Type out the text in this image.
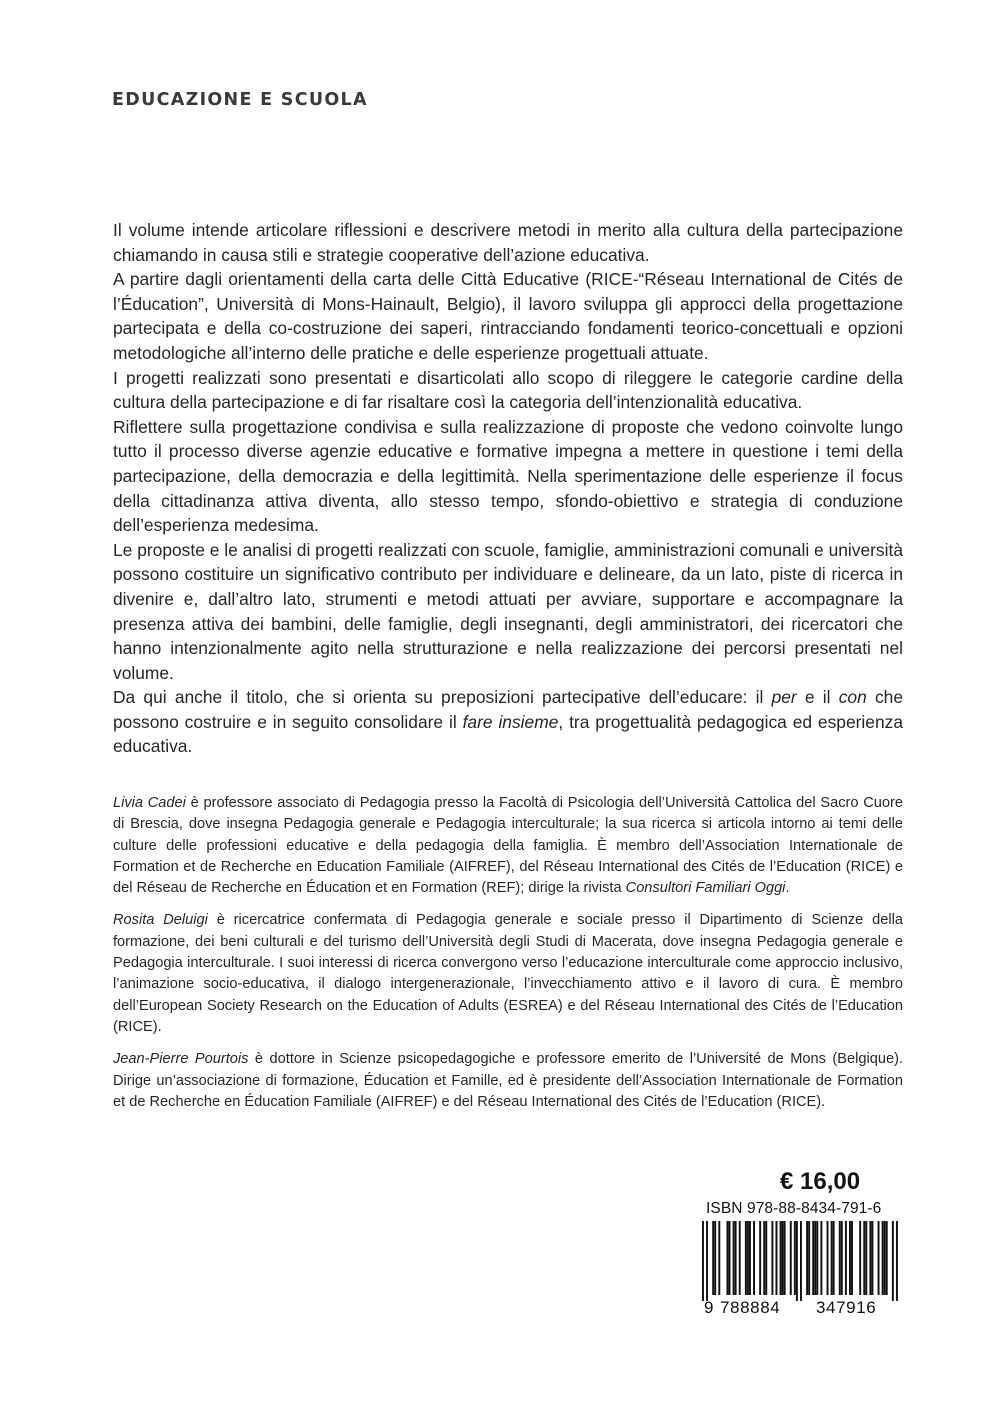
EDUCAZIONE E SCUOLA

Il volume intende articolare riflessioni e descrivere metodi in merito alla cultura della partecipazione chiamando in causa stili e strategie cooperative dell’azione educativa.

A partire dagli orientamenti della carta delle Città Educative (RICE-“Réseau International de Cités de l’Éducation”, Università di Mons-Hainault, Belgio), il lavoro sviluppa gli approcci della progettazione partecipata e della co-costruzione dei saperi, rintracciando fondamenti teorico-concettuali e opzioni metodologiche all’interno delle pratiche e delle esperienze progettuali attuate.

I progetti realizzati sono presentati e disarticolati allo scopo di rileggere le categorie cardine della cultura della partecipazione e di far risaltare così la categoria dell’intenzionalità educativa.

Riflettere sulla progettazione condivisa e sulla realizzazione di proposte che vedono coinvolte lungo tutto il processo diverse agenzie educative e formative impegna a mettere in questione i temi della partecipazione, della democrazia e della legittimità. Nella sperimentazione delle esperienze il focus della cittadinanza attiva diventa, allo stesso tempo, sfondo-obiettivo e strategia di conduzione dell’esperienza medesima.

Le proposte e le analisi di progetti realizzati con scuole, famiglie, amministrazioni comunali e università possono costituire un significativo contributo per individuare e delineare, da un lato, piste di ricerca in divenire e, dall’altro lato, strumenti e metodi attuati per avviare, supportare e accompagnare la presenza attiva dei bambini, delle famiglie, degli insegnanti, degli amministratori, dei ricercatori che hanno intenzionalmente agito nella strutturazione e nella realizzazione dei percorsi presentati nel volume.

Da qui anche il titolo, che si orienta su preposizioni partecipative dell’educare: il per e il con che possono costruire e in seguito consolidare il fare insieme, tra progettualità pedagogica ed esperienza educativa.

Livia Cadei è professore associato di Pedagogia presso la Facoltà di Psicologia dell’Università Cattolica del Sacro Cuore di Brescia, dove insegna Pedagogia generale e Pedagogia interculturale; la sua ricerca si articola intorno ai temi delle culture delle professioni educative e della pedagogia della famiglia. È membro dell’Association Internationale de Formation et de Recherche en Education Familiale (AIFREF), del Réseau International des Cités de l’Education (RICE) e del Réseau de Recherche en Éducation et en Formation (REF); dirige la rivista Consultori Familiari Oggi.

Rosita Deluigi è ricercatrice confermata di Pedagogia generale e sociale presso il Dipartimento di Scienze della formazione, dei beni culturali e del turismo dell’Università degli Studi di Macerata, dove insegna Pedagogia generale e Pedagogia interculturale. I suoi interessi di ricerca convergono verso l’educazione interculturale come approccio inclusivo, l’animazione socio-educativa, il dialogo intergenerazionale, l’invecchiamento attivo e il lavoro di cura. È membro dell’European Society Research on the Education of Adults (ESREA) e del Réseau International des Cités de l’Education (RICE).

Jean-Pierre Pourtois è dottore in Scienze psicopedagogiche e professore emerito de l’Université de Mons (Belgique). Dirige un’associazione di formazione, Éducation et Famille, ed è presidente dell’Association Internationale de Formation et de Recherche en Éducation Familiale (AIFREF) e del Réseau International des Cités de l’Education (RICE).

€ 16,00
ISBN 978-88-8434-791-6
9 788884 347916
